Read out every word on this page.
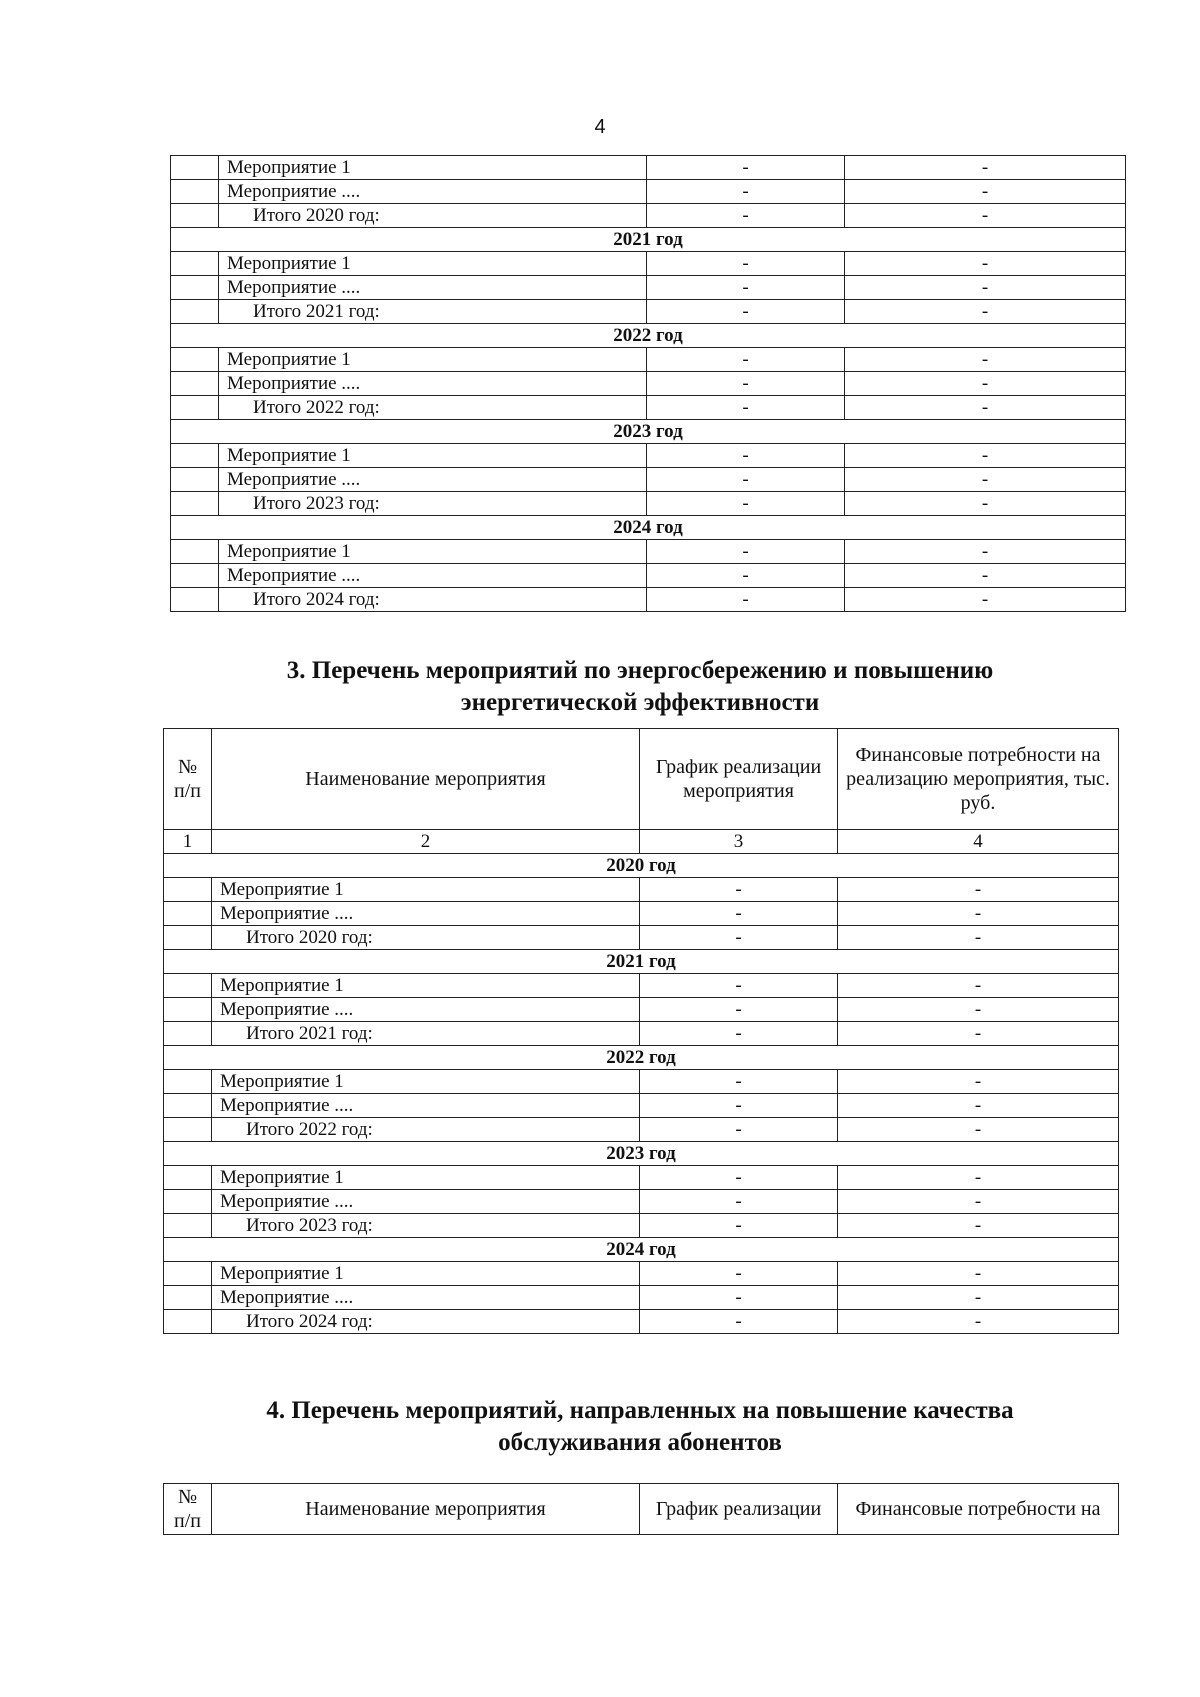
4
	Мероприятие 1	-	-
	Мероприятие ....	-	-
	Итого 2020 год:	-	-
2021 год			
	Мероприятие 1	-	-
	Мероприятие ....	-	-
	Итого 2021 год:	-	-
2022 год			
	Мероприятие 1	-	-
	Мероприятие ....	-	-
	Итого 2022 год:	-	-
2023 год			
	Мероприятие 1	-	-
	Мероприятие ....	-	-
	Итого 2023 год:	-	-
2024 год			
	Мероприятие 1	-	-
	Мероприятие ....	-	-
	Итого 2024 год:	-	-
3. Перечень мероприятий по энергосбережению и повышению
энергетической эффективности
№ п/п	Наименование мероприятия	График реализации мероприятия	Финансовые потребности на реализацию мероприятия, тыс. руб.
1	2	3	4
2020 год			
	Мероприятие 1	-	-
	Мероприятие ....	-	-
	Итого 2020 год:	-	-
2021 год			
	Мероприятие 1	-	-
	Мероприятие ....	-	-
	Итого 2021 год:	-	-
2022 год			
	Мероприятие 1	-	-
	Мероприятие ....	-	-
	Итого 2022 год:	-	-
2023 год			
	Мероприятие 1	-	-
	Мероприятие ....	-	-
	Итого 2023 год:	-	-
2024 год			
	Мероприятие 1	-	-
	Мероприятие ....	-	-
	Итого 2024 год:	-	-
4. Перечень мероприятий, направленных на повышение качества
обслуживания абонентов
№ п/п	Наименование мероприятия	График реализации	Финансовые потребности на
